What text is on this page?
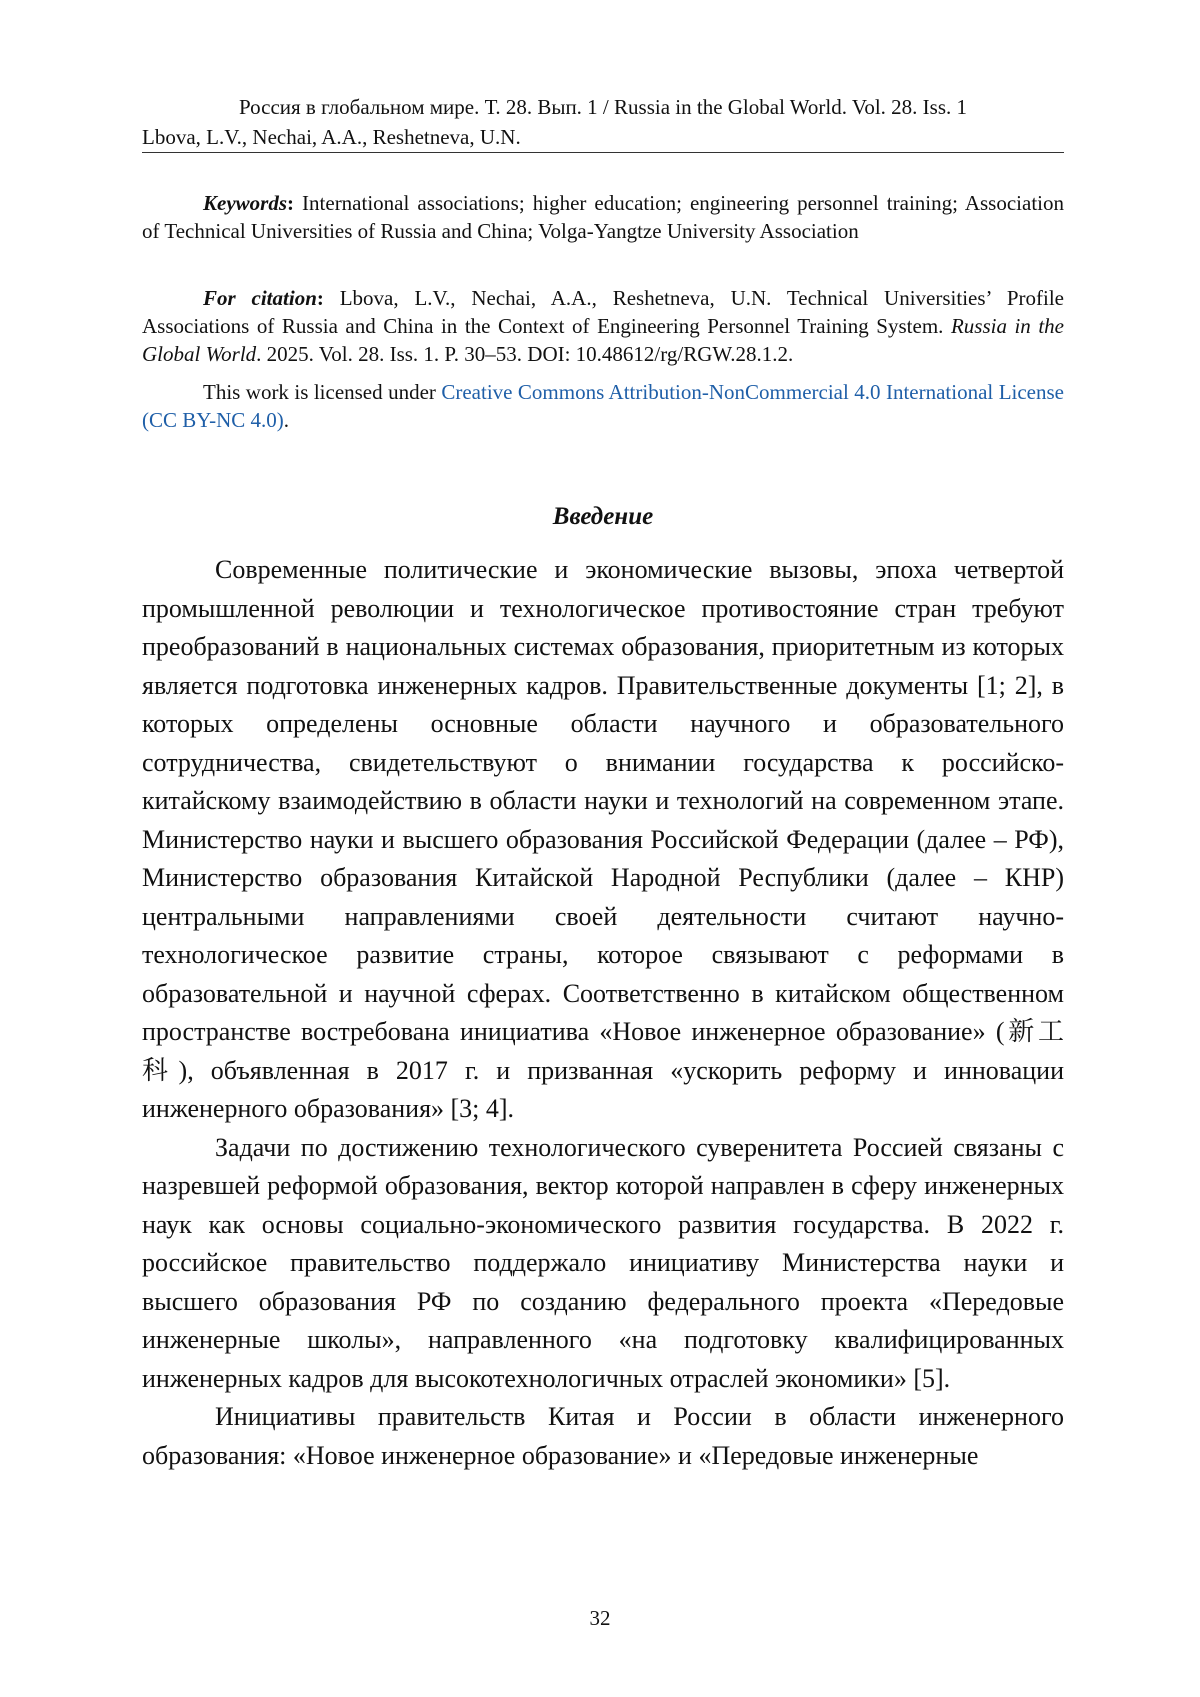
Россия в глобальном мире. Т. 28. Вып. 1 / Russia in the Global World. Vol. 28. Iss. 1
Lbova, L.V., Nechai, A.A., Reshetneva, U.N.

Keywords: International associations; higher education; engineering personnel training; Association of Technical Universities of Russia and China; Volga-Yangtze University Association

For citation: Lbova, L.V., Nechai, A.A., Reshetneva, U.N. Technical Universities’ Profile Associations of Russia and China in the Context of Engineering Personnel Training System. Russia in the Global World. 2025. Vol. 28. Iss. 1. P. 30–53. DOI: 10.48612/rg/RGW.28.1.2.

This work is licensed under Creative Commons Attribution-NonCommercial 4.0 International License (CC BY-NC 4.0).

Введение

Современные политические и экономические вызовы, эпоха четвертой промышленной революции и технологическое противостояние стран требуют преобразований в национальных системах образования, приоритетным из которых является подготовка инженерных кадров. Правительственные документы [1; 2], в которых определены основные области научного и образовательного сотрудничества, свидетельствуют о внимании государства к российско-китайскому взаимодействию в области науки и технологий на современном этапе. Министерство науки и высшего образования Российской Федерации (далее – РФ), Министерство образования Китайской Народной Республики (далее – КНР) центральными направлениями своей деятельности считают научно-технологическое развитие страны, которое связывают с реформами в образовательной и научной сферах. Соответственно в китайском общественном пространстве востребована инициатива «Новое инженерное образование» (新工科), объявленная в 2017 г. и призванная «ускорить реформу и инновации инженерного образования» [3; 4].

Задачи по достижению технологического суверенитета Россией связаны с назревшей реформой образования, вектор которой направлен в сферу инженерных наук как основы социально-экономического развития государства. В 2022 г. российское правительство поддержало инициативу Министерства науки и высшего образования РФ по созданию федерального проекта «Передовые инженерные школы», направленного «на подготовку квалифицированных инженерных кадров для высокотехнологичных отраслей экономики» [5].

Инициативы правительств Китая и России в области инженерного образования: «Новое инженерное образование» и «Передовые инженерные

32
